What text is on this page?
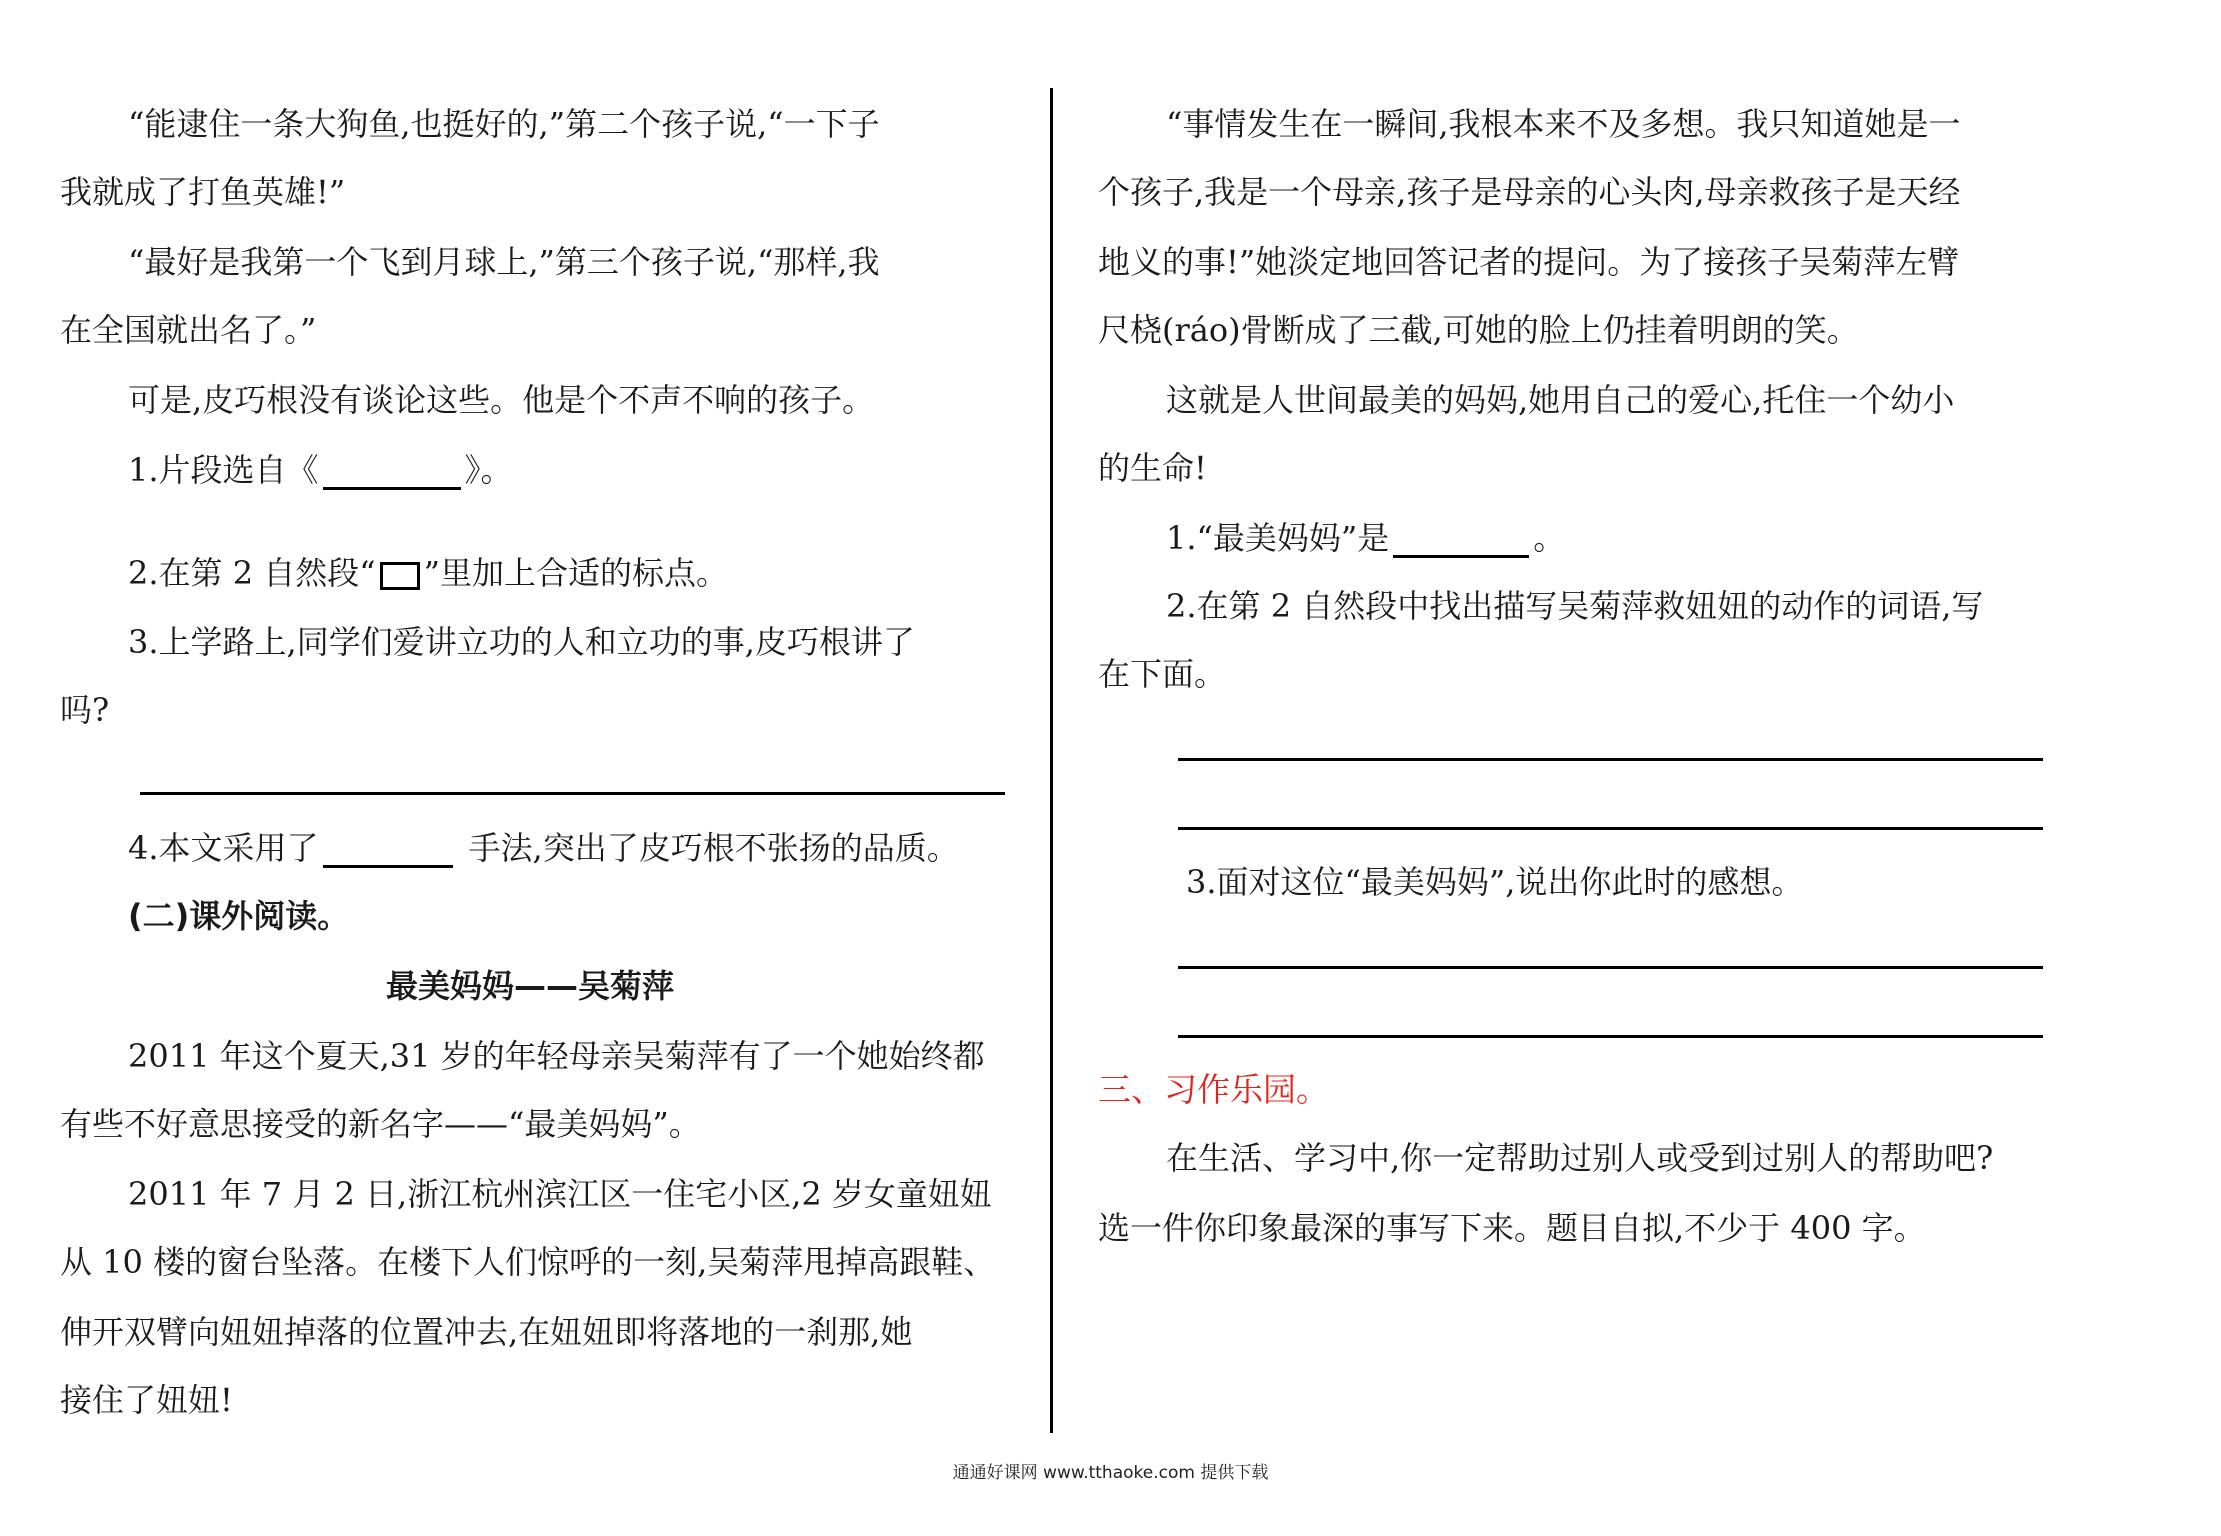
“能逮住一条大狗鱼,也挺好的,”第二个孩子说,“一下子
我就成了打鱼英雄!”
“最好是我第一个飞到月球上,”第三个孩子说,“那样,我
在全国就出名了。”
可是,皮巧根没有谈论这些。他是个不声不响的孩子。
1.片段选自《	》。
2.在第 2 自然段“ ”里加上合适的标点。
3.上学路上,同学们爱讲立功的人和立功的事,皮巧根讲了
吗?
4.本文采用了	手法,突出了皮巧根不张扬的品质。
(二)课外阅读。
最美妈妈——吴菊萍
2011 年这个夏天,31 岁的年轻母亲吴菊萍有了一个她始终都
有些不好意思接受的新名字——“最美妈妈”。
2011 年 7 月 2 日,浙江杭州滨江区一住宅小区,2 岁女童妞妞
从 10 楼的窗台坠落。在楼下人们惊呼的一刻,吴菊萍甩掉高跟鞋、
伸开双臂向妞妞掉落的位置冲去,在妞妞即将落地的一刹那,她
接住了妞妞!
“事情发生在一瞬间,我根本来不及多想。我只知道她是一
个孩子,我是一个母亲,孩子是母亲的心头肉,母亲救孩子是天经
地义的事!”她淡定地回答记者的提问。为了接孩子吴菊萍左臂
尺桡(ráo)骨断成了三截,可她的脸上仍挂着明朗的笑。
这就是人世间最美的妈妈,她用自己的爱心,托住一个幼小
的生命!
1.“最美妈妈”是	。
2.在第 2 自然段中找出描写吴菊萍救妞妞的动作的词语,写
在下面。
3.面对这位“最美妈妈”,说出你此时的感想。
三、习作乐园。
在生活、学习中,你一定帮助过别人或受到过别人的帮助吧?
选一件你印象最深的事写下来。题目自拟,不少于 400 字。
通通好课网 www.tthaoke.com 提供下载
